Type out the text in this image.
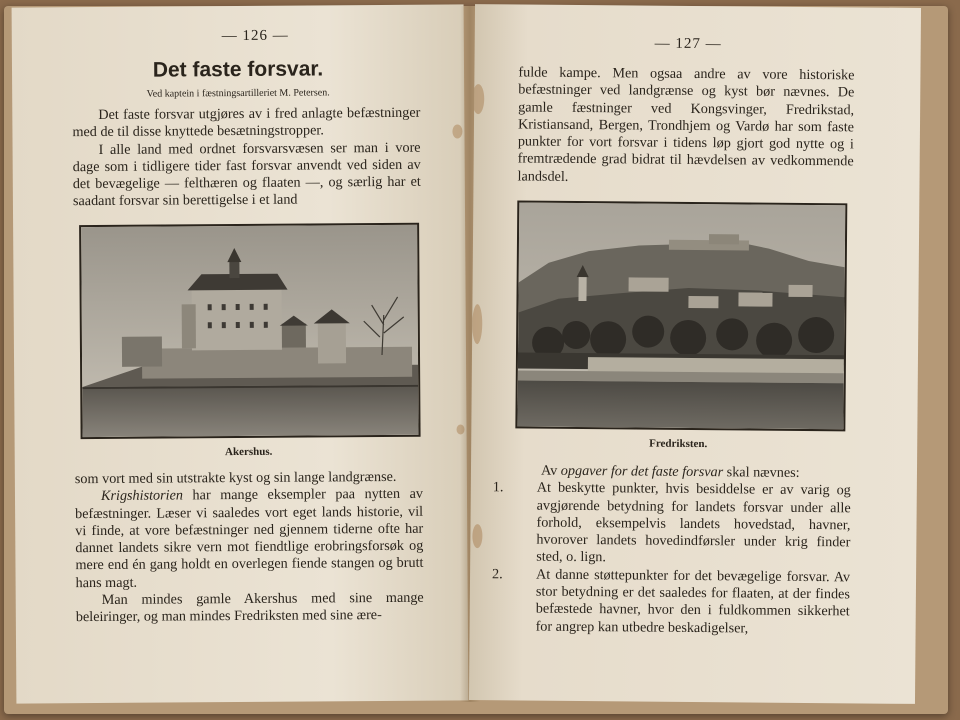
— 126 —
Det faste forsvar.
Ved kaptein i fæstningsartilleriet M. Petersen.

Det faste forsvar utgjøres av i fred anlagte befæstninger med de til disse knyttede besætningstropper.

I alle land med ordnet forsvarsvæsen ser man i vore dage som i tidligere tider fast forsvar anvendt ved siden av det bevægelige — felthæren og flaaten —, og særlig har et saadant forsvar sin berettigelse i et land

Akershus.

som vort med sin utstrakte kyst og sin lange landgrænse.

Krigshistorien har mange eksempler paa nytten av befæstninger. Læser vi saaledes vort eget lands historie, vil vi finde, at vore befæstninger ned gjennem tiderne ofte har dannet landets sikre vern mot fiendtlige erobringsforsøk og mere end én gang holdt en overlegen fiende stangen og brutt hans magt.

Man mindes gamle Akershus med sine mange beleiringer, og man mindes Fredriksten med sine ære-

— 127 —

fulde kampe. Men ogsaa andre av vore historiske befæstninger ved landgrænse og kyst bør nævnes. De gamle fæstninger ved Kongsvinger, Fredrikstad, Kristiansand, Bergen, Trondhjem og Vardø har som faste punkter for vort forsvar i tidens løp gjort god nytte og i fremtrædende grad bidrat til hævdelsen av vedkommende landsdel.

Fredriksten.

Av opgaver for det faste forsvar skal nævnes:

1. At beskytte punkter, hvis besiddelse er av varig og avgjørende betydning for landets forsvar under alle forhold, eksempelvis landets hovedstad, havner, hvorover landets hovedindførsler under krig finder sted, o. lign.

2. At danne støttepunkter for det bevægelige forsvar. Av stor betydning er det saaledes for flaaten, at der findes befæstede havner, hvor den i fuldkommen sikkerhet for angrep kan utbedre beskadigelser,
